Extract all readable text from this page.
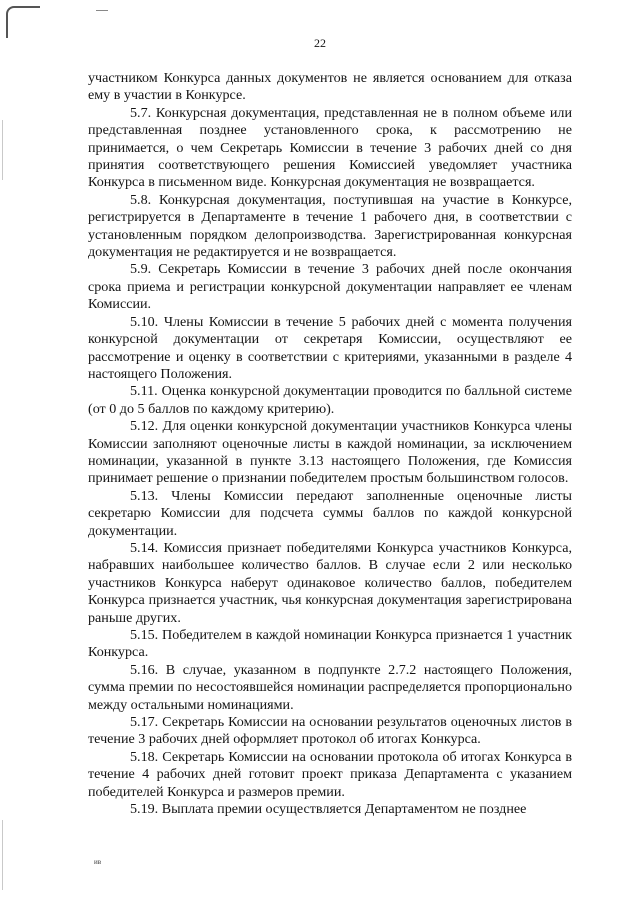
22

участником Конкурса данных документов не является основанием для отказа ему в участии в Конкурсе.

5.7. Конкурсная документация, представленная не в полном объеме или представленная позднее установленного срока, к рассмотрению не принимается, о чем Секретарь Комиссии в течение 3 рабочих дней со дня принятия соответствующего решения Комиссией уведомляет участника Конкурса в письменном виде. Конкурсная документация не возвращается.

5.8. Конкурсная документация, поступившая на участие в Конкурсе, регистрируется в Департаменте в течение 1 рабочего дня, в соответствии с установленным порядком делопроизводства. Зарегистрированная конкурсная документация не редактируется и не возвращается.

5.9. Секретарь Комиссии в течение 3 рабочих дней после окончания срока приема и регистрации конкурсной документации направляет ее членам Комиссии.

5.10. Члены Комиссии в течение 5 рабочих дней с момента получения конкурсной документации от секретаря Комиссии, осуществляют ее рассмотрение и оценку в соответствии с критериями, указанными в разделе 4 настоящего Положения.

5.11. Оценка конкурсной документации проводится по балльной системе (от 0 до 5 баллов по каждому критерию).

5.12. Для оценки конкурсной документации участников Конкурса члены Комиссии заполняют оценочные листы в каждой номинации, за исключением номинации, указанной в пункте 3.13 настоящего Положения, где Комиссия принимает решение о признании победителем простым большинством голосов.

5.13. Члены Комиссии передают заполненные оценочные листы секретарю Комиссии для подсчета суммы баллов по каждой конкурсной документации.

5.14. Комиссия признает победителями Конкурса участников Конкурса, набравших наибольшее количество баллов. В случае если 2 или несколько участников Конкурса наберут одинаковое количество баллов, победителем Конкурса признается участник, чья конкурсная документация зарегистрирована раньше других.

5.15. Победителем в каждой номинации Конкурса признается 1 участник Конкурса.

5.16. В случае, указанном в подпункте 2.7.2 настоящего Положения, сумма премии по несостоявшейся номинации распределяется пропорционально между остальными номинациями.

5.17. Секретарь Комиссии на основании результатов оценочных листов в течение 3 рабочих дней оформляет протокол об итогах Конкурса.

5.18. Секретарь Комиссии на основании протокола об итогах Конкурса в течение 4 рабочих дней готовит проект приказа Департамента с указанием победителей Конкурса и размеров премии.

5.19. Выплата премии осуществляется Департаментом не позднее

ив
